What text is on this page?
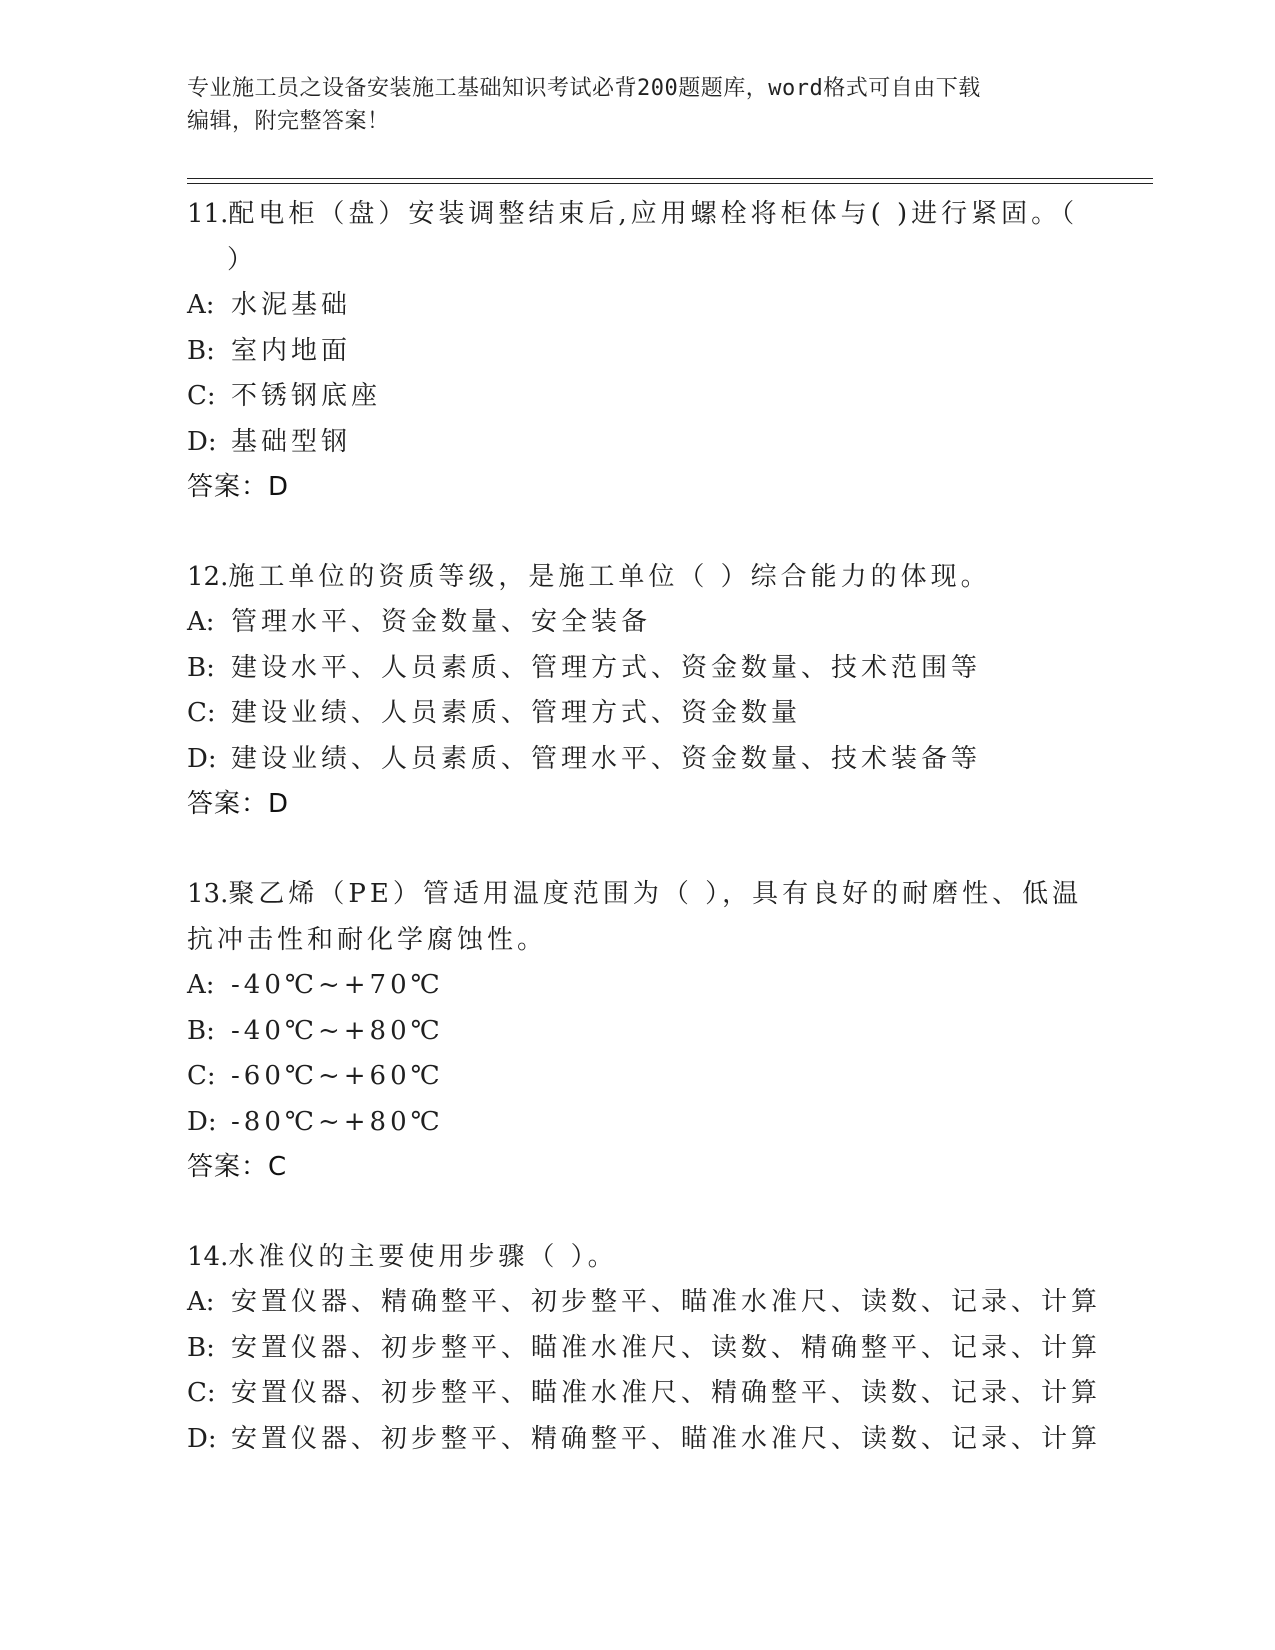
专业施工员之设备安装施工基础知识考试必背200题题库，word格式可自由下载
编辑，附完整答案！
11.配电柜（盘）安装调整结束后,应用螺栓将柜体与( )进行紧固。（
）
A: 水泥基础
B: 室内地面
C: 不锈钢底座
D: 基础型钢
答案：D
12.施工单位的资质等级，是施工单位（ ）综合能力的体现。
A: 管理水平、资金数量、安全装备
B: 建设水平、人员素质、管理方式、资金数量、技术范围等
C: 建设业绩、人员素质、管理方式、资金数量
D: 建设业绩、人员素质、管理水平、资金数量、技术装备等
答案：D
13.聚乙烯（PE）管适用温度范围为（ ），具有良好的耐磨性、低温
抗冲击性和耐化学腐蚀性。
A: -40℃~+70℃
B: -40℃~+80℃
C: -60℃~+60℃
D: -80℃~+80℃
答案：C
14.水准仪的主要使用步骤（ ）。
A: 安置仪器、精确整平、初步整平、瞄准水准尺、读数、记录、计算
B: 安置仪器、初步整平、瞄准水准尺、读数、精确整平、记录、计算
C: 安置仪器、初步整平、瞄准水准尺、精确整平、读数、记录、计算
D: 安置仪器、初步整平、精确整平、瞄准水准尺、读数、记录、计算
